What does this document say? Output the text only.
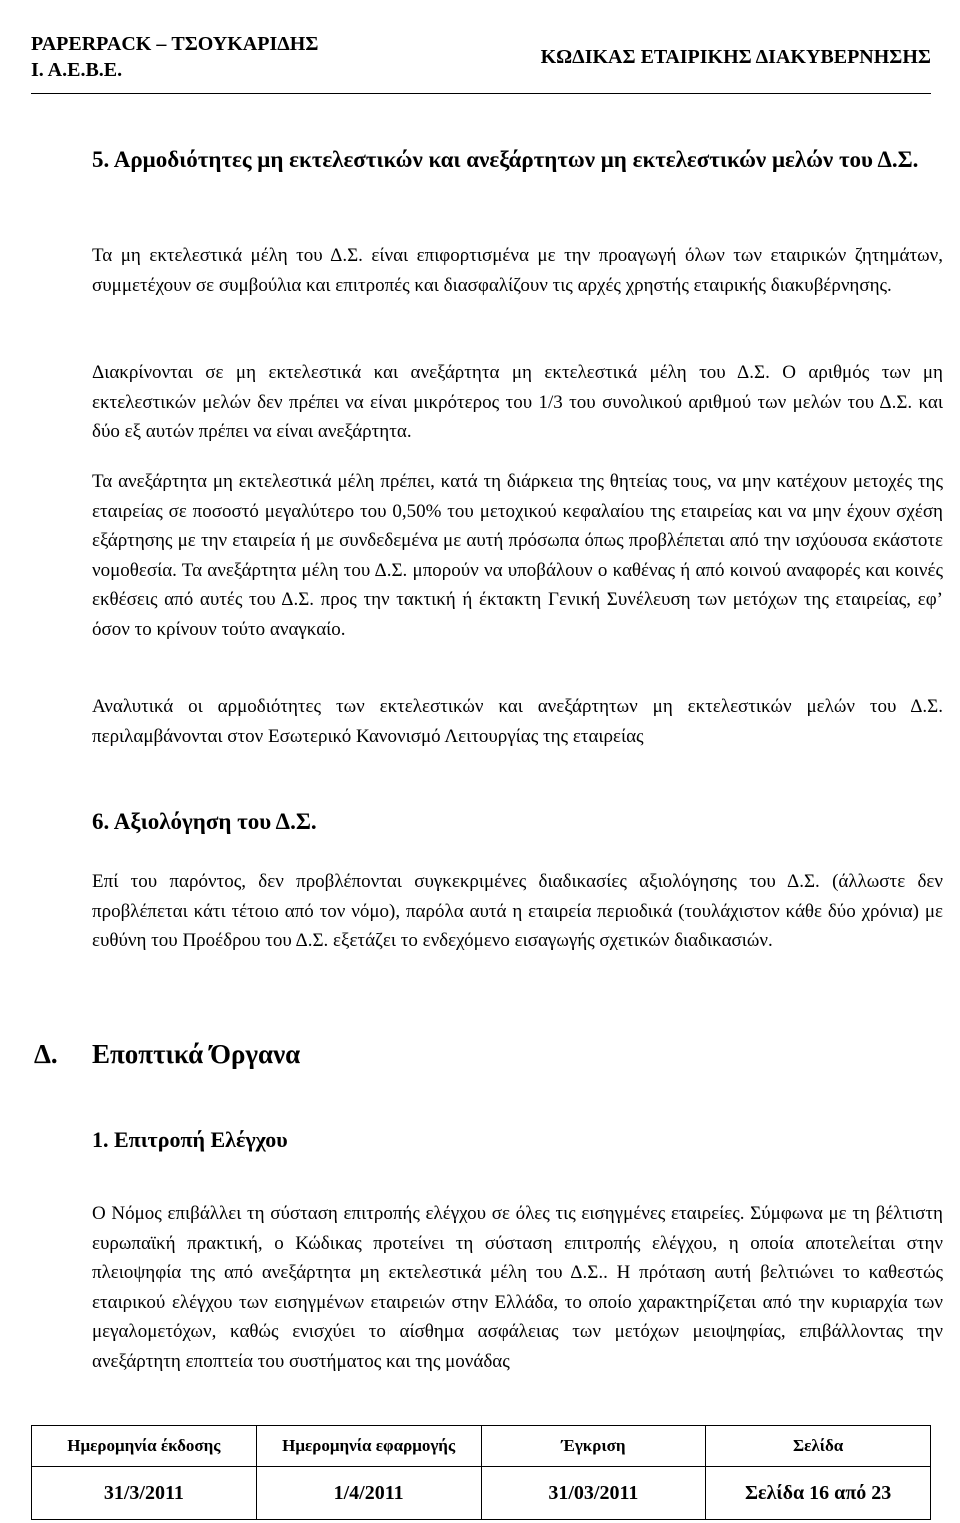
PAPERPACK – ΤΣΟΥΚΑΡΙΔΗΣ
Ι. Α.Ε.Β.Ε.
ΚΩΔΙΚΑΣ ΕΤΑΙΡΙΚΗΣ ΔΙΑΚΥΒΕΡΝΗΣΗΣ
5. Αρμοδιότητες μη εκτελεστικών και ανεξάρτητων μη εκτελεστικών μελών του Δ.Σ.

Τα μη εκτελεστικά μέλη του Δ.Σ. είναι επιφορτισμένα με την προαγωγή όλων των εταιρικών ζητημάτων, συμμετέχουν σε συμβούλια και επιτροπές και διασφαλίζουν τις αρχές χρηστής εταιρικής διακυβέρνησης.

Διακρίνονται σε μη εκτελεστικά και ανεξάρτητα μη εκτελεστικά μέλη του Δ.Σ. Ο αριθμός των μη εκτελεστικών μελών δεν πρέπει να είναι μικρότερος του 1/3 του συνολικού αριθμού των μελών του Δ.Σ. και δύο εξ αυτών πρέπει να είναι ανεξάρτητα.

Τα ανεξάρτητα μη εκτελεστικά μέλη πρέπει, κατά τη διάρκεια της θητείας τους, να μην κατέχουν μετοχές της εταιρείας σε ποσοστό μεγαλύτερο του 0,50% του μετοχικού κεφαλαίου της εταιρείας και να μην έχουν σχέση εξάρτησης με την εταιρεία ή με συνδεδεμένα με αυτή πρόσωπα όπως προβλέπεται από την ισχύουσα εκάστοτε νομοθεσία. Τα ανεξάρτητα μέλη του Δ.Σ. μπορούν να υποβάλουν ο καθένας ή από κοινού αναφορές και κοινές εκθέσεις από αυτές του Δ.Σ. προς την τακτική ή έκτακτη Γενική Συνέλευση των μετόχων της εταιρείας, εφ’ όσον το κρίνουν τούτο αναγκαίο.

Αναλυτικά οι αρμοδιότητες των εκτελεστικών και ανεξάρτητων μη εκτελεστικών μελών του Δ.Σ. περιλαμβάνονται στον Εσωτερικό Κανονισμό Λειτουργίας της εταιρείας

6. Αξιολόγηση του Δ.Σ.

Επί του παρόντος, δεν προβλέπονται συγκεκριμένες διαδικασίες αξιολόγησης του Δ.Σ. (άλλωστε δεν προβλέπεται κάτι τέτοιο από τον νόμο), παρόλα αυτά η εταιρεία περιοδικά (τουλάχιστον κάθε δύο χρόνια) με ευθύνη του Προέδρου του Δ.Σ. εξετάζει το ενδεχόμενο εισαγωγής σχετικών διαδικασιών.

Δ. Εποπτικά Όργανα
1. Επιτροπή Ελέγχου

Ο Νόμος επιβάλλει τη σύσταση επιτροπής ελέγχου σε όλες τις εισηγμένες εταιρείες. Σύμφωνα με τη βέλτιστη ευρωπαϊκή πρακτική, ο Κώδικας προτείνει τη σύσταση επιτροπής ελέγχου, η οποία αποτελείται στην πλειοψηφία της από ανεξάρτητα μη εκτελεστικά μέλη του Δ.Σ.. Η πρόταση αυτή βελτιώνει το καθεστώς εταιρικού ελέγχου των εισηγμένων εταιρειών στην Ελλάδα, το οποίο χαρακτηρίζεται από την κυριαρχία των μεγαλομετόχων, καθώς ενισχύει το αίσθημα ασφάλειας των μετόχων μειοψηφίας, επιβάλλοντας την ανεξάρτητη εποπτεία του συστήματος και της μονάδας

Ημερομηνία έκδοσης	Ημερομηνία εφαρμογής	Έγκριση	Σελίδα
31/3/2011	1/4/2011	31/03/2011	Σελίδα 16 από 23
